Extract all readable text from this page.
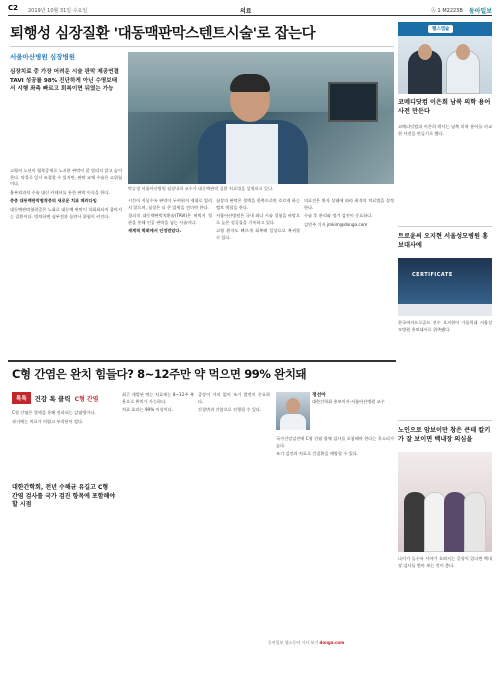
C2 2019년 10월 31일 수요일	의료	Ⓐ 1 M2223B 동아일보
퇴행성 심장질환 '대동맥판막스텐트시술'로 잡는다
서울아산병원 심장병원
심장치료 중 가장 어려운 시술 판막 제공연결 TAVI 성공률 98% 진단하게 아닌 수명보태서 시행 좌측 빠르고 회복이면 뒤였는 가능
박승정 서울아산병원 심장내과 교수가 대동맥판막 질환 치료법을 설명하고 있다.

고령의 노년이 협착증세로 노쇠한 판막이 잘 열리지 않고 숨이 찬다. 약물로 일시 조절할 수 있지만, 판막 교체 수술은 고위험이다.

흉부외과적 수술 대신 카테터를 통한 판막 이식을 한다.

중증 대동맥판막협착증의 새로운 치료 패러다임

대동맥판막협착증은 노화로 대동맥 판막이 석회화되어 좁아지는 질환이다. 방치하면 심부전과 돌연사 위험이 커진다.

시간이 지날수록 판막이 두꺼워져 제대로 열리지 않으며, 심장은 더 큰 압력을 견뎌야 한다.

경피적 대동맥판막치환술(TAVI)은 허벅지 혈관을 통해 인공 판막을 넣는 시술이다.

세계적 학회에서 인정받았다.

심장의 판막은 혈액을 한쪽으로만 흐르게 하는 밸브 역할을 한다.

서울아산병원은 국내 최다 시술 경험을 바탕으로 높은 성공률을 기록하고 있다.

고령 환자도 빠르게 회복해 일상으로 복귀할 수 있다.

의료진은 환자 상태에 따라 최적의 치료법을 결정한다.

수술 후 관리와 정기 검진이 중요하다.

김민주 기자 jmkim@donga.com

헬스캡슐
코메디닷컴 이은희 남북 의학 용어 사전 만든다
코메디닷컴과 이은희 박사는 남북 의학 용어를 비교한 사전을 만들기로 했다.
트로윤씨 오지현 서울성모병원 홍보대사에
CERTIFICATE
한국여자프로골프 선수 오지현이 가톨릭대 서울성모병원 홍보대사로 위촉됐다.
노인으로 암보이만 창은 큰데 칼키가 잘 보이면 백내장 의심을
나이가 들수록 시야가 흐려지는 증상이 있다면 백내장 검사를 받아 보는 것이 좋다.
C형 간염은 완치 힘들다? 8~12주만 약 먹으면 99% 완치돼
톡톡	건강 톡 클릭 C형 간염

C형 간염은 혈액을 통해 전파되는 감염병이다.

과거에는 치료가 어렵고 부작용이 컸다.

대한간학회, 전년 수해균 유길고 C형 간염 검사를 국가 검진 항목에 포함해야 할 시점

최근 개발된 먹는 치료제는 8~12주 복용으로 완치가 가능하다.

치료 효과는 99% 이상이다.

증상이 거의 없어 조기 발견이 중요하다.

간경변과 간암으로 진행될 수 있다.

정선아
대한간학회 홍보이사·서울아산병원 교수

국가건강검진에 C형 간염 항체 검사를 포함해야 한다는 목소리가 높다.

조기 검진과 치료로 간질환을 예방할 수 있다.

동아일보 헬스동아 기사 보기 donga.com
